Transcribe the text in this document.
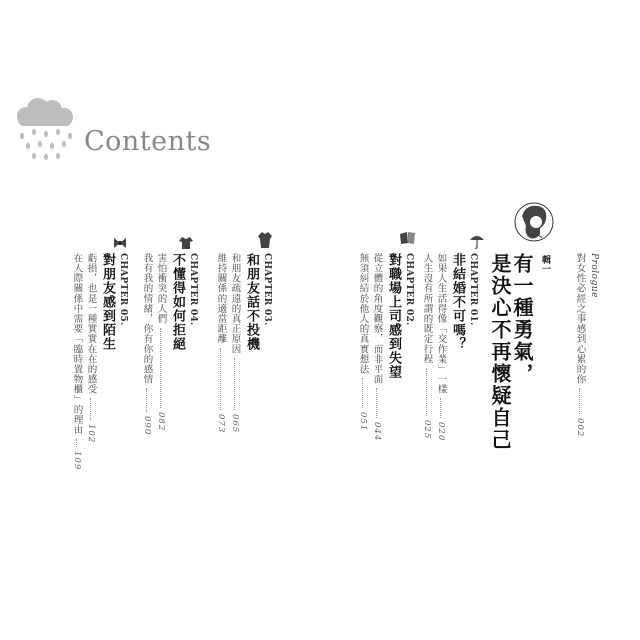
Contents
Prologue
對女性必經之事感到心累的你
002
輯一
有一種勇氣，
是決心不再懷疑自己
CHAPTER 01.
非結婚不可嗎？
如果人生活得像「交作業」一樣
020
人生沒有所謂的既定行程
025
CHAPTER 02.
對職場上司感到失望
從立體的角度觀察，而非平面
044
無須糾結於他人的真實想法
051
CHAPTER 03.
和朋友話不投機
和朋友疏遠的真正原因
065
維持關係的適當距離
073
CHAPTER 04.
不懂得如何拒絕
害怕衝突的人們
082
我有我的情緒，你有你的感情
090
CHAPTER 05.
對朋友感到陌生
虧損，也是一種實實在在的感受
102
在人際關係中需要「臨時置物櫃」的理由
109
